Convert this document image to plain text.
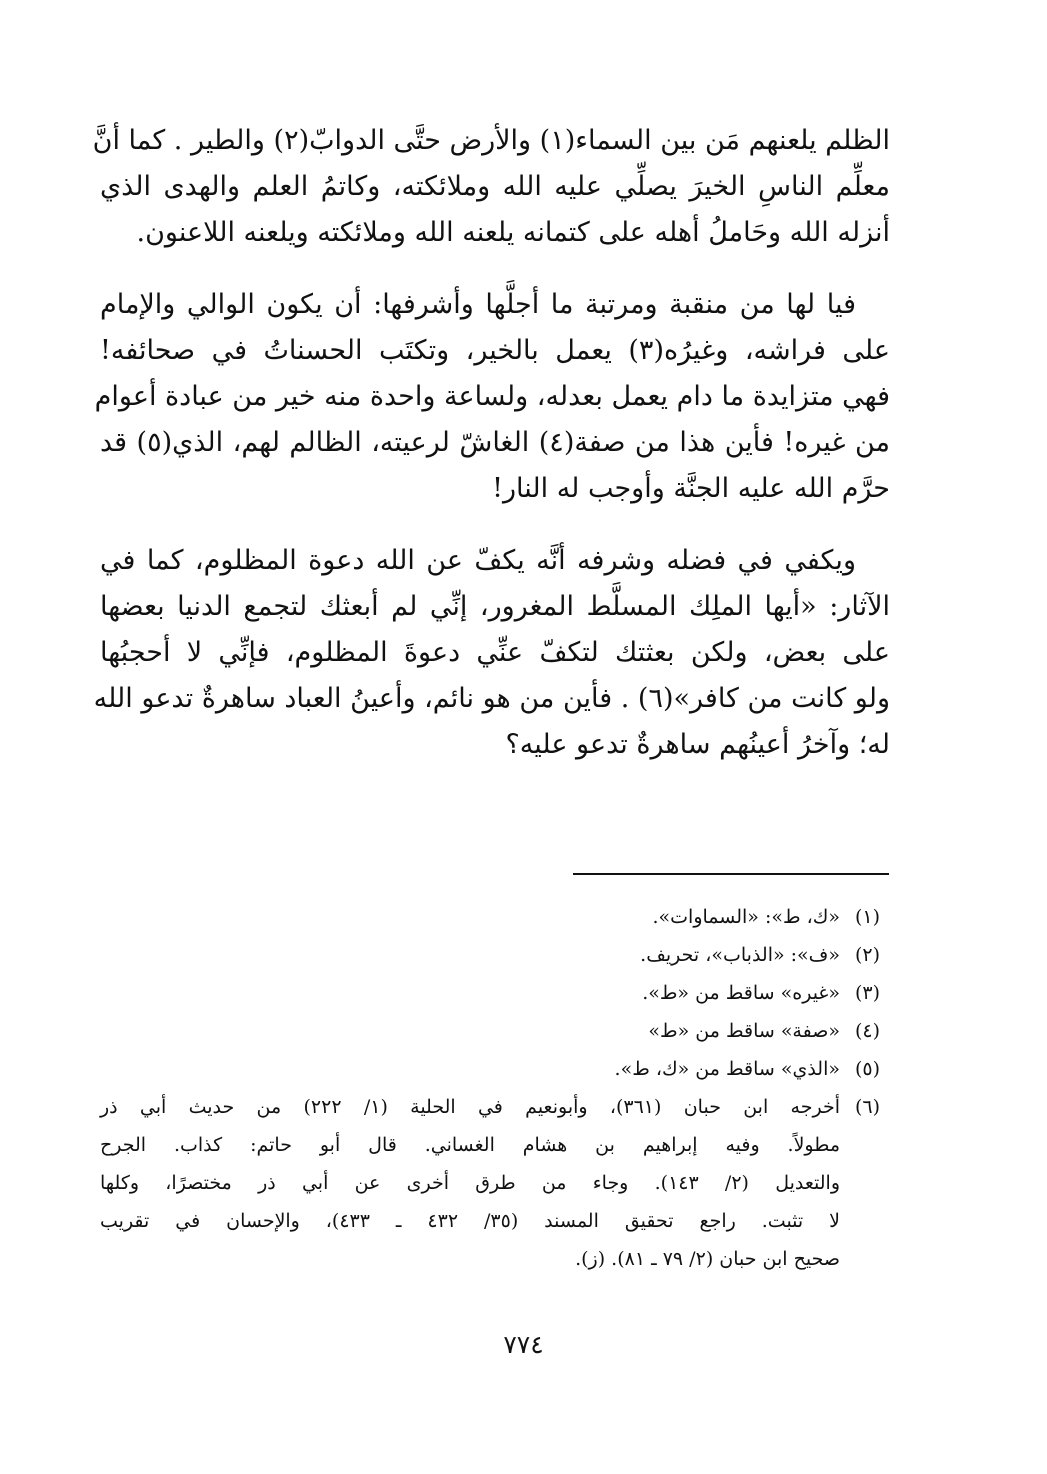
الظلم يلعنهم مَن بين السماء(١) والأرض حتَّى الدوابّ(٢) والطير . كما أنَّ
معلِّم الناسِ الخيرَ يصلِّي عليه الله وملائكته، وكاتمُ العلم والهدى الذي
أنزله الله وحَاملُ أهله على كتمانه يلعنه الله وملائكته ويلعنه اللاعنون.

فيا لها من منقبة ومرتبة ما أجلَّها وأشرفها: أن يكون الوالي والإمام
على فراشه، وغيرُه(٣) يعمل بالخير، وتكتَب الحسناتُ في صحائفه!
فهي متزايدة ما دام يعمل بعدله، ولساعة واحدة منه خير من عبادة أعوام
من غيره! فأين هذا من صفة(٤) الغاشّ لرعيته، الظالم لهم، الذي(٥) قد
حرَّم الله عليه الجنَّة وأوجب له النار!

ويكفي في فضله وشرفه أنَّه يكفّ عن الله دعوة المظلوم، كما في
الآثار: «أيها الملِك المسلَّط المغرور، إنِّي لم أبعثك لتجمع الدنيا بعضها
على بعض، ولكن بعثتك لتكفّ عنِّي دعوةَ المظلوم، فإنِّي لا أحجبُها
ولو كانت من كافر»(٦) . فأين من هو نائم، وأعينُ العباد ساهرةٌ تدعو الله
له؛ وآخرُ أعينُهم ساهرةٌ تدعو عليه؟

(١)
«ك، ط»: «السماوات».
(٢)
«ف»: «الذباب»، تحريف.
(٣)
«غيره» ساقط من «ط».
(٤)
«صفة» ساقط من «ط»
(٥)
«الذي» ساقط من «ك، ط».
(٦)
أخرجه ابن حبان (٣٦١)، وأبونعيم في الحلية (١/ ٢٢٢) من حديث أبي ذر
مطولاً. وفيه إبراهيم بن هشام الغساني. قال أبو حاتم: كذاب. الجرح
والتعديل (٢/ ١٤٣). وجاء من طرق أخرى عن أبي ذر مختصرًا، وكلها
لا تثبت. راجع تحقيق المسند (٣٥/ ٤٣٢ ـ ٤٣٣)، والإحسان في تقريب
صحيح ابن حبان (٢/ ٧٩ ـ ٨١). (ز).
٧٧٤
